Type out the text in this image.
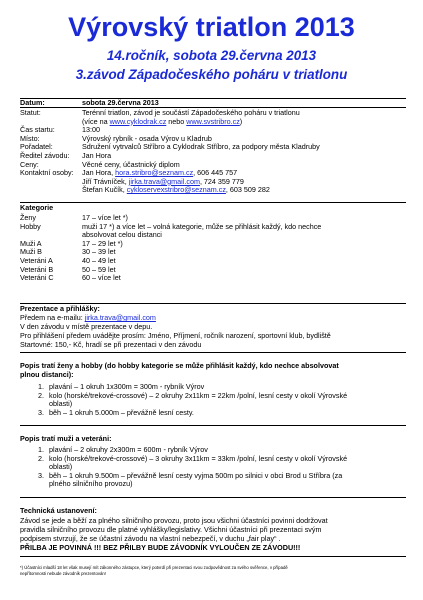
Výrovský triatlon 2013
14.ročník, sobota 29.června 2013
3.závod Západočeského poháru v triatlonu
Datum:	sobota 29.června 2013
Statut:	Terénní triatlon, závod je součástí Západočeského poháru v triatlonu
(více na www.cyklodrak.cz nebo www.svstribro.cz)
Čas startu:	13:00
Místo:	Výrovský rybník - osada Výrov u Kladrub
Pořadatel:	Sdružení vytrvalců Stříbro a Cyklodrak Stříbro, za podpory města Kladruby
Ředitel závodu: Jan Hora
Ceny:	Věcné ceny, účastnický diplom
Kontaktní osoby: Jan Hora, hora.stribro@seznam.cz, 606 445 757
Jiří Trávníček, jirka.trava@gmail.com, 724 359 779
Štefan Kučík, cykloservexstribro@seznam.cz, 603 509 282
Kategorie
Ženy	17 – více let *)
Hobby	muži 17 *) a více let – volná kategorie, může se přihlásit každý, kdo nechce
absolvovat celou distanci
Muži A	17 – 29 let *)
Muži B	30 – 39 let
Veteráni A	40 – 49 let
Veteráni B	50 – 59 let
Veteráni C	60 – více let
Prezentace a přihlášky:
Předem na e-mailu: jirka.trava@gmail.com
V den závodu v místě prezentace v depu.
Pro přihlášení předem uvádějte prosím: Jméno, Příjmení, ročník narození, sportovní klub, bydliště
Startovné: 150,- Kč, hradí se při prezentaci v den závodu
Popis tratí ženy a hobby (do hobby kategorie se může přihlásit každý, kdo nechce absolvovat
plnou distanci):
1. plavání – 1 okruh 1x300m = 300m - rybník Výrov
2. kolo (horské/trekové-crossové) – 2 okruhy 2x11km = 22km /polní, lesní cesty v okolí Výrovské
oblasti)
3. běh – 1 okruh 5.000m – převážně lesní cesty.
Popis tratí muži a veteráni:
1. plavání – 2 okruhy 2x300m = 600m - rybník Výrov
2. kolo (horské/trekové-crossové) – 3 okruhy 3x11km = 33km /polní, lesní cesty v okolí Výrovské
oblasti)
3. běh – 1 okruh 9.500m – převážně lesní cesty vyjma 500m po silnici v obci Brod u Stříbra (za
plného silničního provozu)
Technická ustanovení:
Závod se jede a běží za plného silničního provozu, proto jsou všichni účastníci povinni dodržovat
pravidla silničního provozu dle platné vyhlášky/legislativy. Všichni účastníci při prezentaci svým
podpisem stvrzují, že se účastní závodu na vlastní nebezpečí, v duchu „fair play“ .
PŘILBA JE POVINNÁ !!! BEZ PŘILBY BUDE ZÁVODNÍK VYLOUČEN ZE ZÁVODU!!!
*) Účastníci mladší 18 let však musejí mít zákonného zástupce, který potvrdí při prezentaci svou zodpovědnost za svého svěřence, v případě
nepřítomnosti nebude závodník prezentován!
